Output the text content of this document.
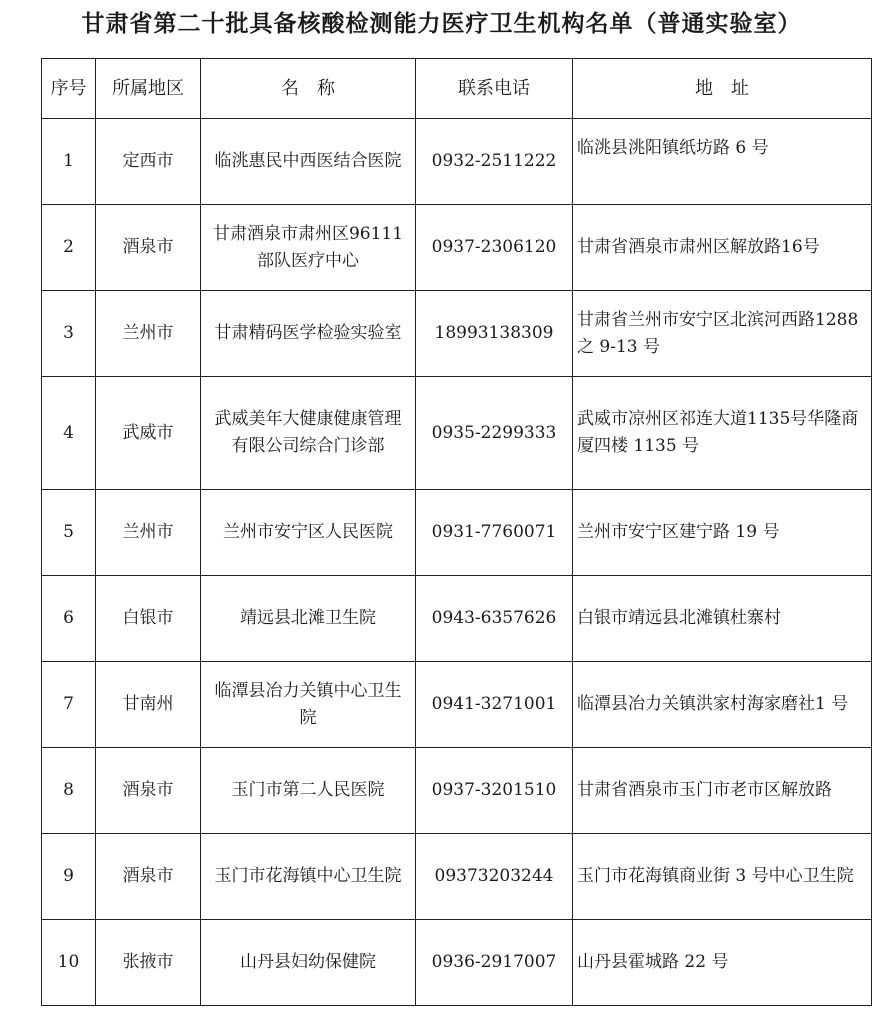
甘肃省第二十批具备核酸检测能力医疗卫生机构名单（普通实验室）
序号	所属地区	名　称	联系电话	地　址
1	定西市	临洮惠民中西医结合医院	0932-2511222	临洮县洮阳镇纸坊路 6 号
2	酒泉市	甘肃酒泉市肃州区96111 部队医疗中心	0937-2306120	甘肃省酒泉市肃州区解放路16号
3	兰州市	甘肃精码医学检验实验室	18993138309	甘肃省兰州市安宁区北滨河西路1288 之 9-13 号
4	武威市	武威美年大健康健康管理有限公司综合门诊部	0935-2299333	武威市凉州区祁连大道1135号华隆商厦四楼 1135 号
5	兰州市	兰州市安宁区人民医院	0931-7760071	兰州市安宁区建宁路 19 号
6	白银市	靖远县北滩卫生院	0943-6357626	白银市靖远县北滩镇杜寨村
7	甘南州	临潭县冶力关镇中心卫生院	0941-3271001	临潭县冶力关镇洪家村海家磨社1 号
8	酒泉市	玉门市第二人民医院	0937-3201510	甘肃省酒泉市玉门市老市区解放路
9	酒泉市	玉门市花海镇中心卫生院	09373203244	玉门市花海镇商业街 3 号中心卫生院
10	张掖市	山丹县妇幼保健院	0936-2917007	山丹县霍城路 22 号
